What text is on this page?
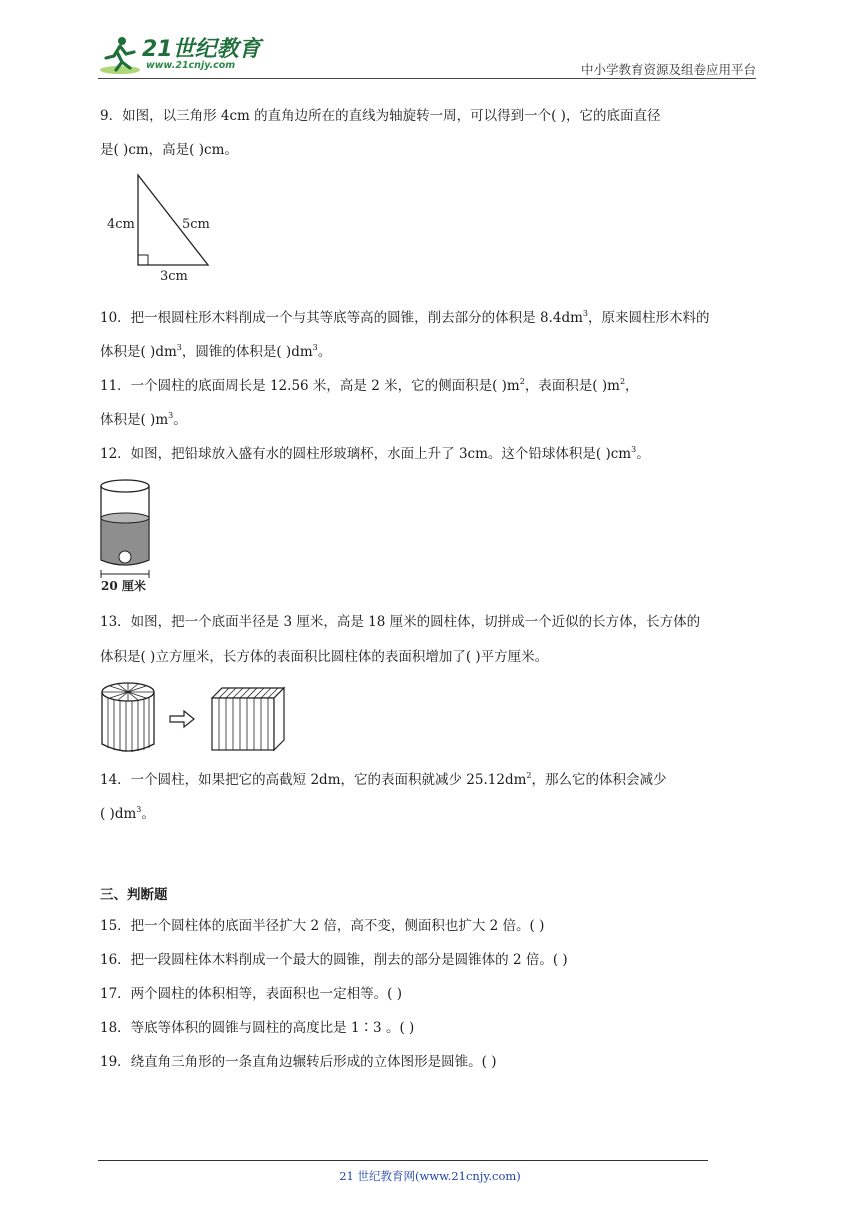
21世纪教育
www.21cnjy.com	中小学教育资源及组卷应用平台
9．如图，以三角形 4cm 的直角边所在的直线为轴旋转一周，可以得到一个( )，它的底面直径
是( )cm，高是( )cm。
4cm	5cm
3cm
10．把一根圆柱形木料削成一个与其等底等高的圆锥，削去部分的体积是 $8.4dm^3$，原来圆柱形木料的
体积是( )$dm^3$，圆锥的体积是( )$dm^3$。
11．一个圆柱的底面周长是 12.56 米，高是 2 米，它的侧面积是( )$m^2$，表面积是( )$m^2$，
体积是( )$m^3$。
12．如图，把铅球放入盛有水的圆柱形玻璃杯，水面上升了 3cm。这个铅球体积是( )$cm^3$。
20 厘米
13．如图，把一个底面半径是 3 厘米，高是 18 厘米的圆柱体，切拼成一个近似的长方体，长方体的
体积是( )立方厘米，长方体的表面积比圆柱体的表面积增加了( )平方厘米。
14．一个圆柱，如果把它的高截短 2dm，它的表面积就减少 $25.12dm^2$，那么它的体积会减少
( )$dm^3$。
三、判断题
15．把一个圆柱体的底面半径扩大 2 倍，高不变，侧面积也扩大 2 倍。( )
16．把一段圆柱体木料削成一个最大的圆锥，削去的部分是圆锥体的 2 倍。( )
17．两个圆柱的体积相等，表面积也一定相等。( )
18．等底等体积的圆锥与圆柱的高度比是 1∶3 。( )
19．绕直角三角形的一条直角边辗转后形成的立体图形是圆锥。( )
21 世纪教育网(www.21cnjy.com)
